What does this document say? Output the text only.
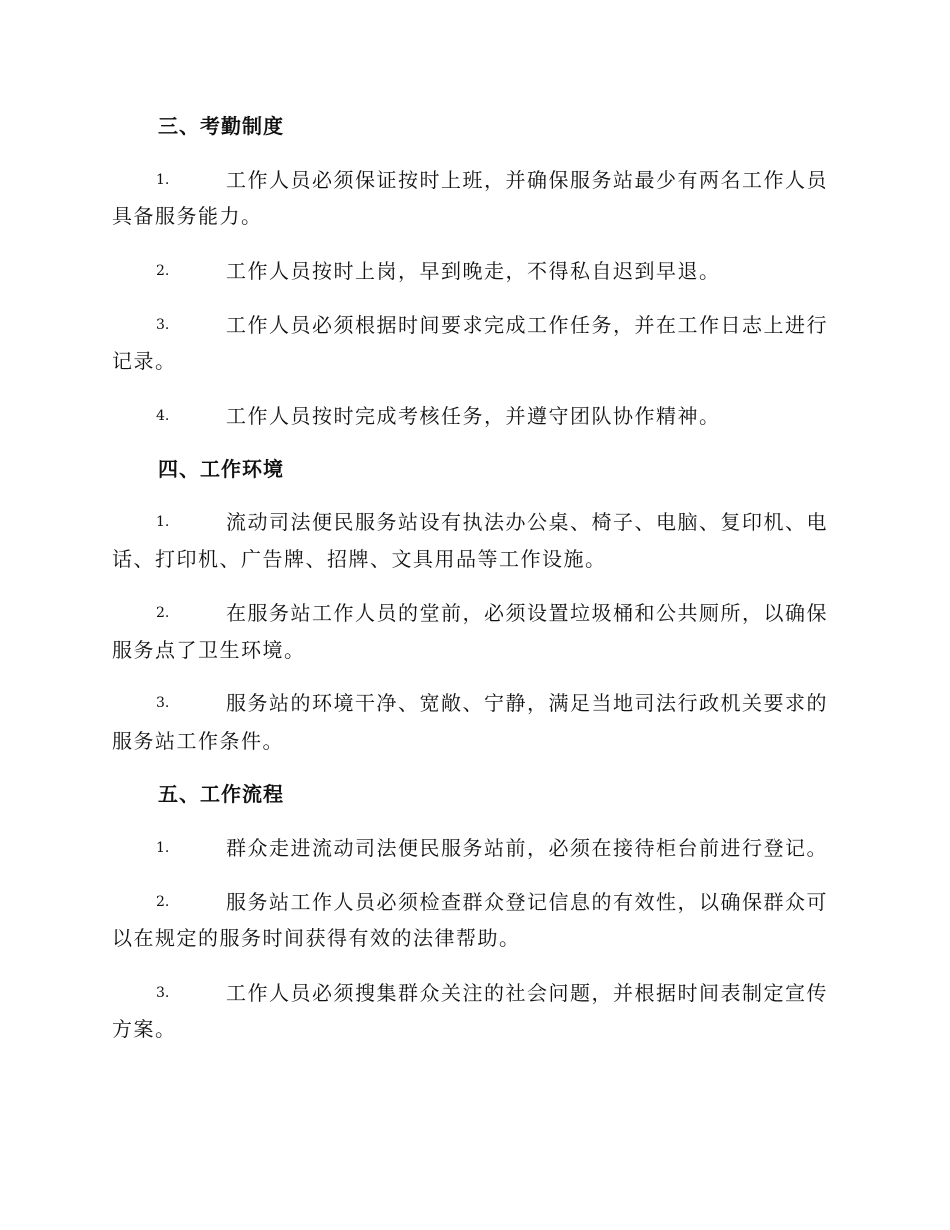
三、考勤制度
1.	工作人员必须保证按时上班，并确保服务站最少有两名工作人员
具备服务能力。
2.	工作人员按时上岗，早到晚走，不得私自迟到早退。
3.	工作人员必须根据时间要求完成工作任务，并在工作日志上进行
记录。
4.	工作人员按时完成考核任务，并遵守团队协作精神。
四、工作环境
1.	流动司法便民服务站设有执法办公桌、椅子、电脑、复印机、电
话、打印机、广告牌、招牌、文具用品等工作设施。
2.	在服务站工作人员的堂前，必须设置垃圾桶和公共厕所，以确保
服务点了卫生环境。
3.	服务站的环境干净、宽敞、宁静，满足当地司法行政机关要求的
服务站工作条件。
五、工作流程
1.	群众走进流动司法便民服务站前，必须在接待柜台前进行登记。
2.	服务站工作人员必须检查群众登记信息的有效性，以确保群众可
以在规定的服务时间获得有效的法律帮助。
3.	工作人员必须搜集群众关注的社会问题，并根据时间表制定宣传
方案。
